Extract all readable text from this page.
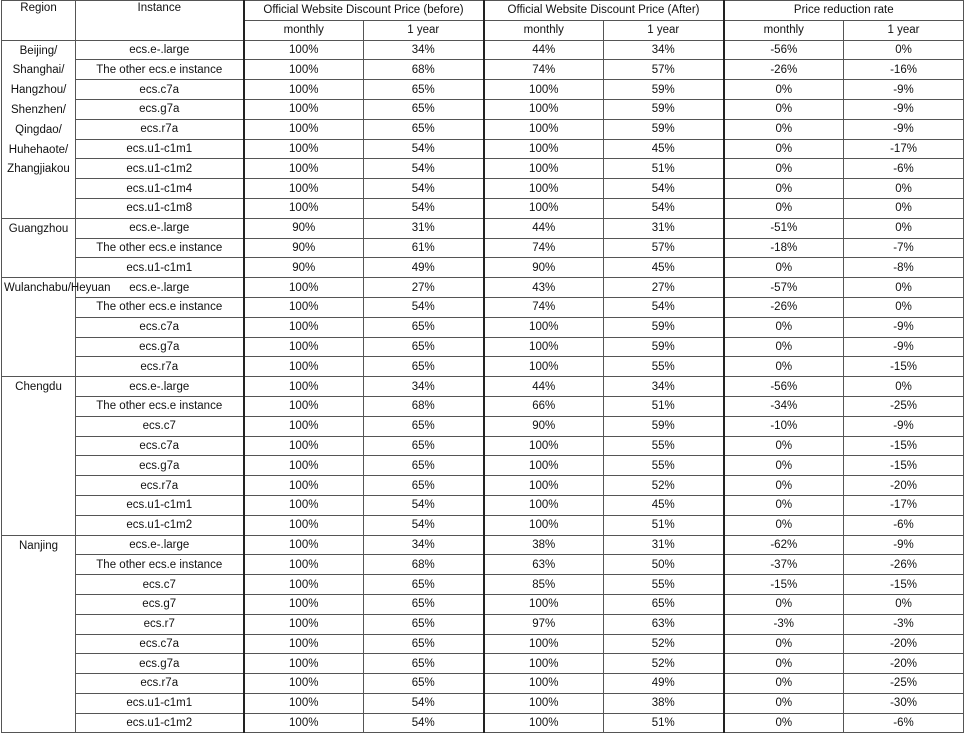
Region	Instance	Official Website Discount Price (before)		Official Website Discount Price (After)		Price reduction rate	
		monthly	1 year	monthly	1 year	monthly	1 year
Beijing/ Shanghai/ Hangzhou/ Shenzhen/ Qingdao/ Huhehaote/ Zhangjiakou	ecs.e-.large	100%	34%	44%	34%	-56%	0%
	The other ecs.e instance	100%	68%	74%	57%	-26%	-16%
	ecs.c7a	100%	65%	100%	59%	0%	-9%
	ecs.g7a	100%	65%	100%	59%	0%	-9%
	ecs.r7a	100%	65%	100%	59%	0%	-9%
	ecs.u1-c1m1	100%	54%	100%	45%	0%	-17%
	ecs.u1-c1m2	100%	54%	100%	51%	0%	-6%
	ecs.u1-c1m4	100%	54%	100%	54%	0%	0%
	ecs.u1-c1m8	100%	54%	100%	54%	0%	0%
Guangzhou	ecs.e-.large	90%	31%	44%	31%	-51%	0%
	The other ecs.e instance	90%	61%	74%	57%	-18%	-7%
	ecs.u1-c1m1	90%	49%	90%	45%	0%	-8%
Wulanchabu/Heyuan	ecs.e-.large	100%	27%	43%	27%	-57%	0%
	The other ecs.e instance	100%	54%	74%	54%	-26%	0%
	ecs.c7a	100%	65%	100%	59%	0%	-9%
	ecs.g7a	100%	65%	100%	59%	0%	-9%
	ecs.r7a	100%	65%	100%	55%	0%	-15%
Chengdu	ecs.e-.large	100%	34%	44%	34%	-56%	0%
	The other ecs.e instance	100%	68%	66%	51%	-34%	-25%
	ecs.c7	100%	65%	90%	59%	-10%	-9%
	ecs.c7a	100%	65%	100%	55%	0%	-15%
	ecs.g7a	100%	65%	100%	55%	0%	-15%
	ecs.r7a	100%	65%	100%	52%	0%	-20%
	ecs.u1-c1m1	100%	54%	100%	45%	0%	-17%
	ecs.u1-c1m2	100%	54%	100%	51%	0%	-6%
Nanjing	ecs.e-.large	100%	34%	38%	31%	-62%	-9%
	The other ecs.e instance	100%	68%	63%	50%	-37%	-26%
	ecs.c7	100%	65%	85%	55%	-15%	-15%
	ecs.g7	100%	65%	100%	65%	0%	0%
	ecs.r7	100%	65%	97%	63%	-3%	-3%
	ecs.c7a	100%	65%	100%	52%	0%	-20%
	ecs.g7a	100%	65%	100%	52%	0%	-20%
	ecs.r7a	100%	65%	100%	49%	0%	-25%
	ecs.u1-c1m1	100%	54%	100%	38%	0%	-30%
	ecs.u1-c1m2	100%	54%	100%	51%	0%	-6%
